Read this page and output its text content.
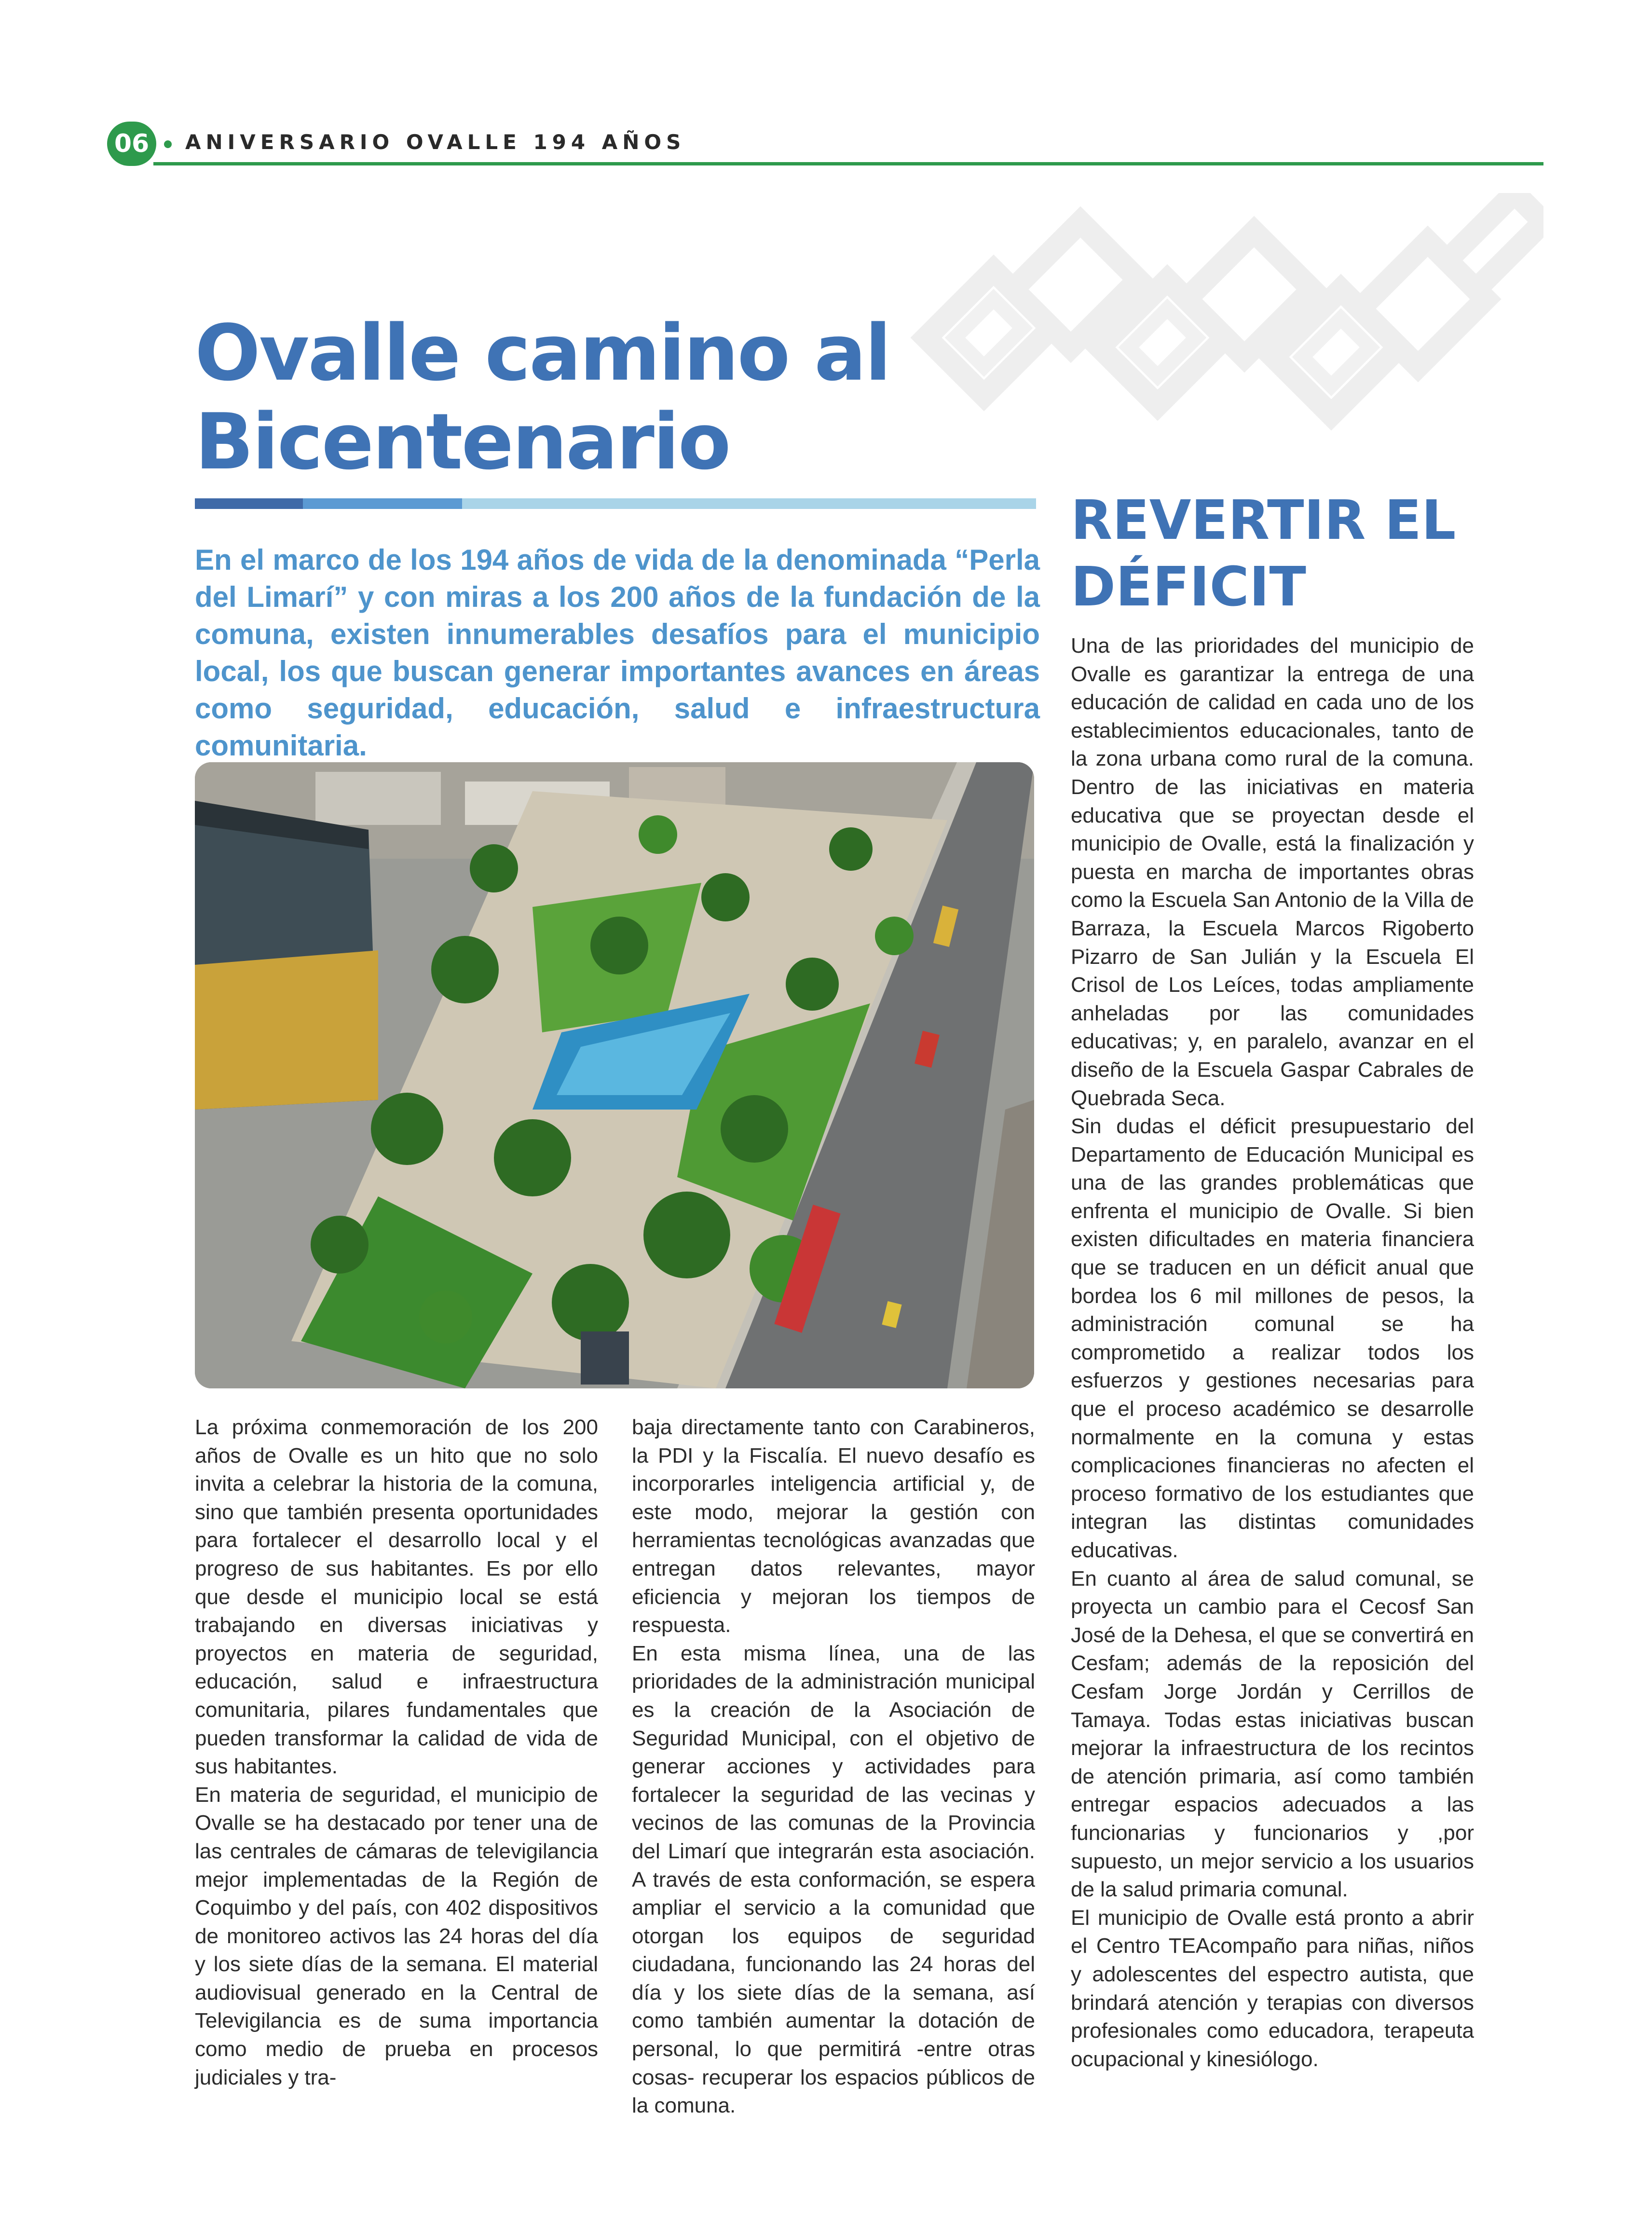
06	ANIVERSARIO OVALLE 194 AÑOS
Ovalle camino al
Bicentenario

En el marco de los 194 años de vida de la denominada “Perla del Limarí” y con miras a los 200 años de la fundación de la comuna, existen innumerables desafíos para el municipio local, los que buscan generar importantes avances en áreas como seguridad, educación, salud e infraestructura comunitaria.

La próxima conmemoración de los 200 años de Ovalle es un hito que no solo invita a celebrar la historia de la comuna, sino que también presenta oportunidades para fortalecer el desarrollo local y el progreso de sus habitantes. Es por ello que desde el municipio local se está trabajando en diversas iniciativas y proyectos en materia de seguridad, educación, salud e infraestructura comunitaria, pilares fundamentales que pueden transformar la calidad de vida de sus habitantes.

En materia de seguridad, el municipio de Ovalle se ha destacado por tener una de las centrales de cámaras de televigilancia mejor implementadas de la Región de Coquimbo y del país, con 402 dispositivos de monitoreo activos las 24 horas del día y los siete días de la semana. El material audiovisual generado en la Central de Televigilancia es de suma importancia como medio de prueba en procesos judiciales y tra-

baja directamente tanto con Carabineros, la PDI y la Fiscalía. El nuevo desafío es incorporarles inteligencia artificial y, de este modo, mejorar la gestión con herramientas tecnológicas avanzadas que entregan datos relevantes, mayor eficiencia y mejoran los tiempos de respuesta.

En esta misma línea, una de las prioridades de la administración municipal es la creación de la Asociación de Seguridad Municipal, con el objetivo de generar acciones y actividades para fortalecer la seguridad de las vecinas y vecinos de las comunas de la Provincia del Limarí que integrarán esta asociación. A través de esta conformación, se espera ampliar el servicio a la comunidad que otorgan los equipos de seguridad ciudadana, funcionando las 24 horas del día y los siete días de la semana, así como también aumentar la dotación de personal, lo que permitirá -entre otras cosas- recuperar los espacios públicos de la comuna.

REVERTIR EL
DÉFICIT

Una de las prioridades del municipio de Ovalle es garantizar la entrega de una educación de calidad en cada uno de los establecimientos educacionales, tanto de la zona urbana como rural de la comuna. Dentro de las iniciativas en materia educativa que se proyectan desde el municipio de Ovalle, está la finalización y puesta en marcha de importantes obras como la Escuela San Antonio de la Villa de Barraza, la Escuela Marcos Rigoberto Pizarro de San Julián y la Escuela El Crisol de Los Leíces, todas ampliamente anheladas por las comunidades educativas; y, en paralelo, avanzar en el diseño de la Escuela Gaspar Cabrales de Quebrada Seca.

Sin dudas el déficit presupuestario del Departamento de Educación Municipal es una de las grandes problemáticas que enfrenta el municipio de Ovalle. Si bien existen dificultades en materia financiera que se traducen en un déficit anual que bordea los 6 mil millones de pesos, la administración comunal se ha comprometido a realizar todos los esfuerzos y gestiones necesarias para que el proceso académico se desarrolle normalmente en la comuna y estas complicaciones financieras no afecten el proceso formativo de los estudiantes que integran las distintas comunidades educativas.

En cuanto al área de salud comunal, se proyecta un cambio para el Cecosf San José de la Dehesa, el que se convertirá en Cesfam; además de la reposición del Cesfam Jorge Jordán y Cerrillos de Tamaya. Todas estas iniciativas buscan mejorar la infraestructura de los recintos de atención primaria, así como también entregar espacios adecuados a las funcionarias y funcionarios y ,por supuesto, un mejor servicio a los usuarios de la salud primaria comunal.

El municipio de Ovalle está pronto a abrir el Centro TEAcompaño para niñas, niños y adolescentes del espectro autista, que brindará atención y terapias con diversos profesionales como educadora, terapeuta ocupacional y kinesiólogo.
